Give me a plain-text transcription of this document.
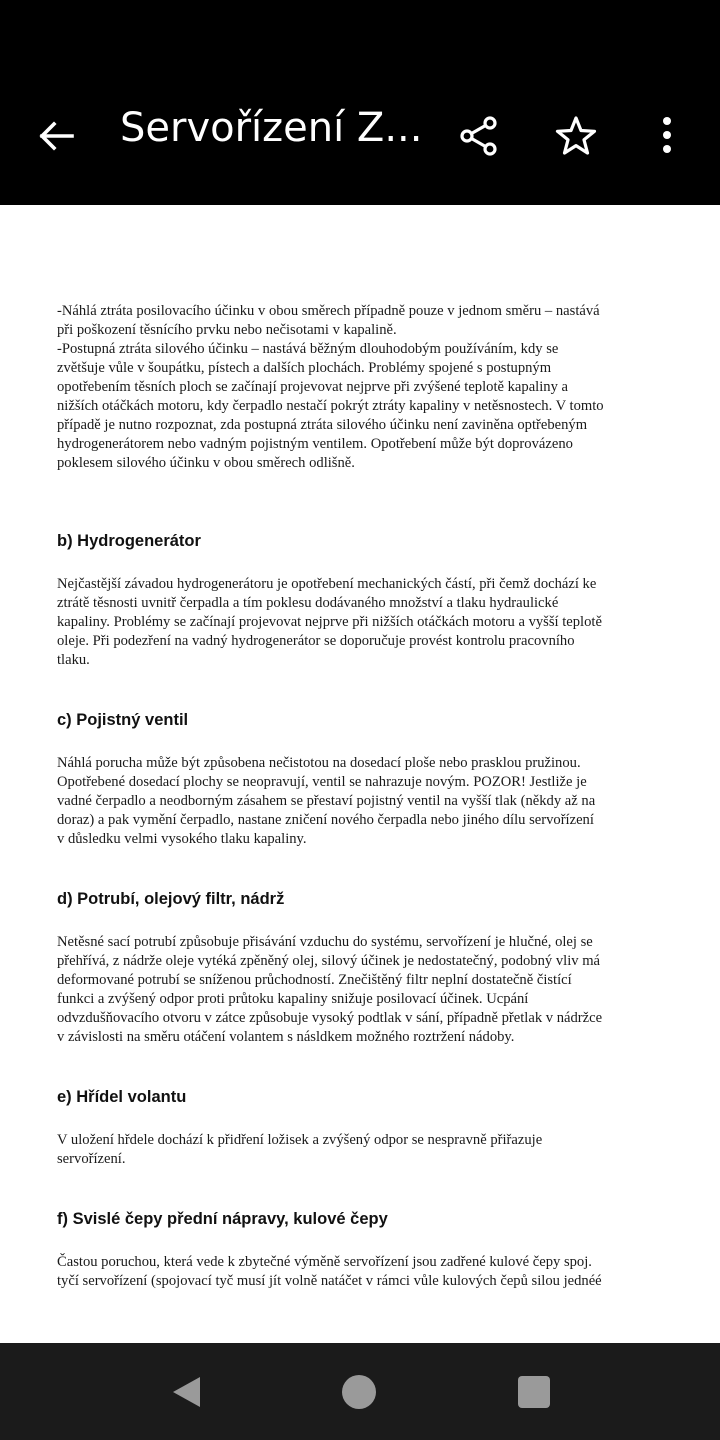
Servořízení Z...

-Náhlá ztráta posilovacího účinku v obou směrech případně pouze v jednom směru – nastává
při poškození těsnícího prvku nebo nečisotami v kapalině.
-Postupná ztráta silového účinku – nastává běžným dlouhodobým používáním, kdy se
zvětšuje vůle v šoupátku, pístech a dalších plochách. Problémy spojené s postupným
opotřebením těsních ploch se začínají projevovat nejprve při zvýšené teplotě kapaliny a
nižších otáčkách motoru, kdy čerpadlo nestačí pokrýt ztráty kapaliny v netěsnostech. V tomto
případě je nutno rozpoznat, zda postupná ztráta silového účinku není zaviněna optřebeným
hydrogenerátorem nebo vadným pojistným ventilem. Opotřebení může být doprovázeno
poklesem silového účinku v obou směrech odlišně.

b) Hydrogenerátor

Nejčastější závadou hydrogenerátoru je opotřebení mechanických částí, při čemž dochází ke
ztrátě těsnosti uvnitř čerpadla a tím poklesu dodávaného množství a tlaku hydraulické
kapaliny. Problémy se začínají projevovat nejprve při nižších otáčkách motoru a vyšší teplotě
oleje. Při podezření na vadný hydrogenerátor se doporučuje provést kontrolu pracovního
tlaku.

c) Pojistný ventil

Náhlá porucha může být způsobena nečistotou na dosedací ploše nebo prasklou pružinou.
Opotřebené dosedací plochy se neopravují, ventil se nahrazuje novým. POZOR! Jestliže je
vadné čerpadlo a neodborným zásahem se přestaví pojistný ventil na vyšší tlak (někdy až na
doraz) a pak vymění čerpadlo, nastane zničení nového čerpadla nebo jiného dílu servořízení
v důsledku velmi vysokého tlaku kapaliny.

d) Potrubí, olejový filtr, nádrž

Netěsné sací potrubí způsobuje přisávání vzduchu do systému, servořízení je hlučné, olej se
přehřívá, z nádrže oleje vytéká zpěněný olej, silový účinek je nedostatečný, podobný vliv má
deformované potrubí se sníženou průchodností. Znečištěný filtr neplní dostatečně čistící
funkci a zvýšený odpor proti průtoku kapaliny snižuje posilovací účinek. Ucpání
odvzdušňovacího otvoru v zátce způsobuje vysoký podtlak v sání, případně přetlak v nádržce
v závislosti na směru otáčení volantem s násldkem možného roztržení nádoby.

e) Hřídel volantu

V uložení hřdele dochází k přidření ložisek a zvýšený odpor se nespravně přiřazuje
servořízení.

f) Svislé čepy přední nápravy, kulové čepy

Častou poruchou, která vede k zbytečné výměně servořízení jsou zadřené kulové čepy spoj.
tyčí servořízení (spojovací tyč musí jít volně natáčet v rámci vůle kulových čepů silou jednéé
